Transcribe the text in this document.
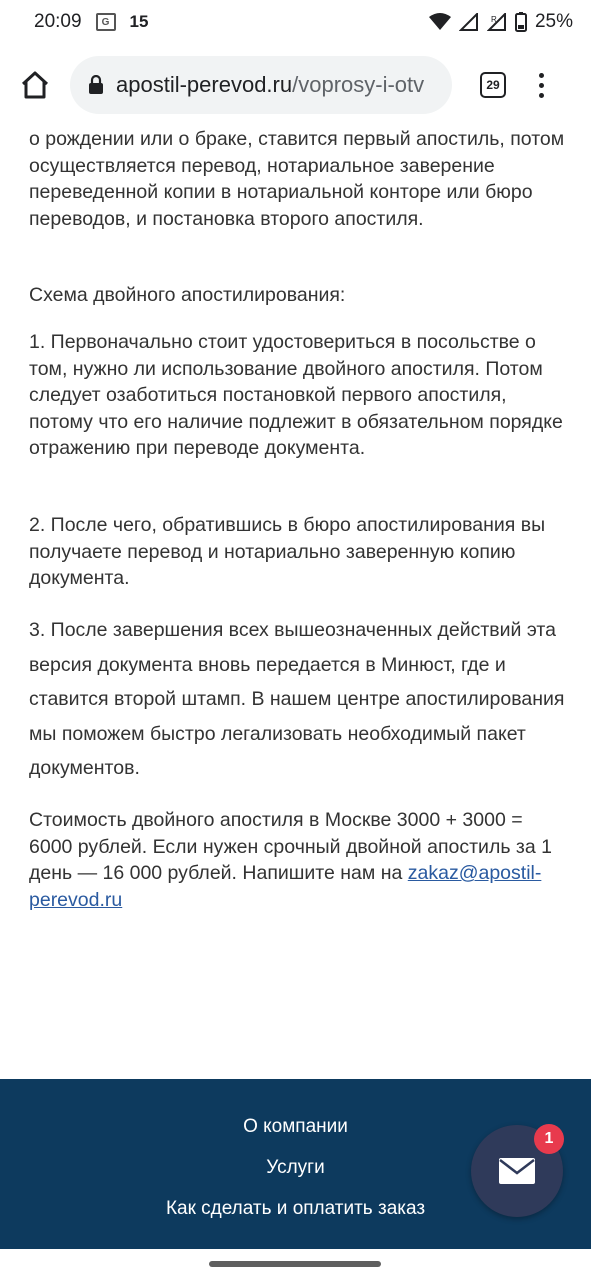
20:09	G	15	R 25%
apostil-perevod.ru/voprosy-i-otv	29

о рождении или о браке, ставится первый апостиль, потом осуществляется перевод, нотариальное заверение переведенной копии в нотариальной конторе или бюро переводов, и постановка второго апостиля.

Схема двойного апостилирования:

1. Первоначально стоит удостовериться в посольстве о том, нужно ли использование двойного апостиля. Потом следует озаботиться постановкой первого апостиля, потому что его наличие подлежит в обязательном порядке отражению при переводе документа.

2. После чего, обратившись в бюро апостилирования вы получаете перевод и нотариально заверенную копию документа.

3. После завершения всех вышеозначенных действий эта версия документа вновь передается в Минюст, где и ставится второй штамп. В нашем центре апостилирования мы поможем быстро легализовать необходимый пакет документов.

Стоимость двойного апостиля в Москве 3000 + 3000 = 6000 рублей. Если нужен срочный двойной апостиль за 1 день — 16 000 рублей. Напишите нам на zakaz@apostil-perevod.ru

О компании
Услуги
Как сделать и оплатить заказ
1
